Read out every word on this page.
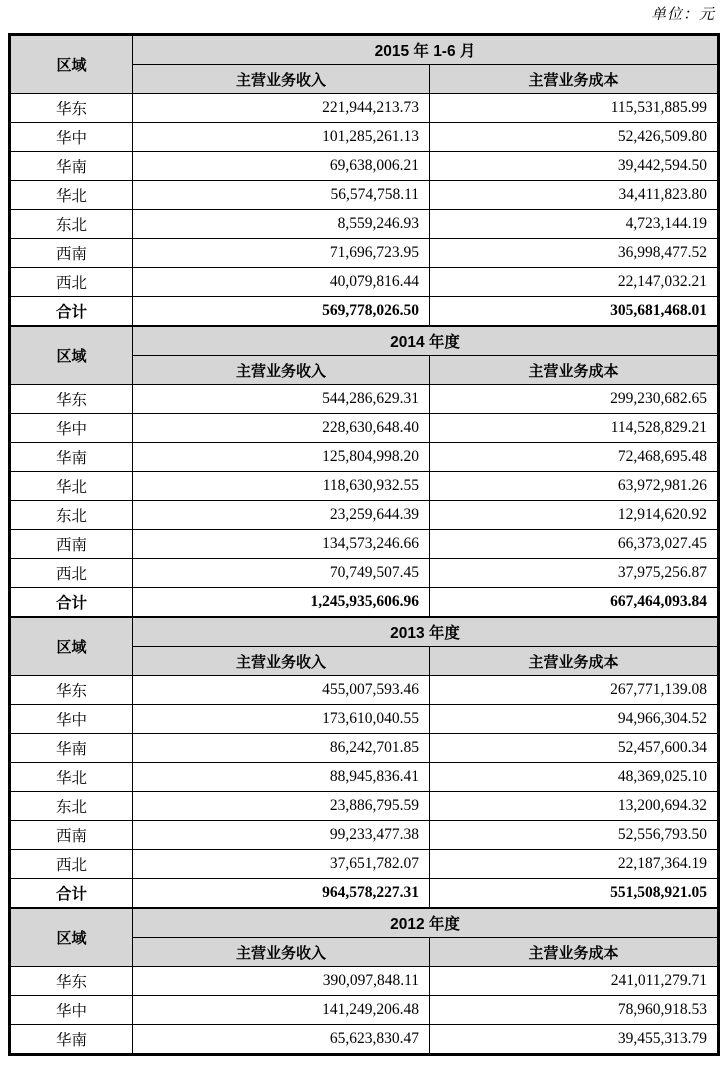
单位：元
区域	2015 年 1-6 月	
	主营业务收入	主营业务成本
华东	221,944,213.73	115,531,885.99
华中	101,285,261.13	52,426,509.80
华南	69,638,006.21	39,442,594.50
华北	56,574,758.11	34,411,823.80
东北	8,559,246.93	4,723,144.19
西南	71,696,723.95	36,998,477.52
西北	40,079,816.44	22,147,032.21
合计	569,778,026.50	305,681,468.01
区域	2014 年度	
	主营业务收入	主营业务成本
华东	544,286,629.31	299,230,682.65
华中	228,630,648.40	114,528,829.21
华南	125,804,998.20	72,468,695.48
华北	118,630,932.55	63,972,981.26
东北	23,259,644.39	12,914,620.92
西南	134,573,246.66	66,373,027.45
西北	70,749,507.45	37,975,256.87
合计	1,245,935,606.96	667,464,093.84
区域	2013 年度	
	主营业务收入	主营业务成本
华东	455,007,593.46	267,771,139.08
华中	173,610,040.55	94,966,304.52
华南	86,242,701.85	52,457,600.34
华北	88,945,836.41	48,369,025.10
东北	23,886,795.59	13,200,694.32
西南	99,233,477.38	52,556,793.50
西北	37,651,782.07	22,187,364.19
合计	964,578,227.31	551,508,921.05
区域	2012 年度	
	主营业务收入	主营业务成本
华东	390,097,848.11	241,011,279.71
华中	141,249,206.48	78,960,918.53
华南	65,623,830.47	39,455,313.79
